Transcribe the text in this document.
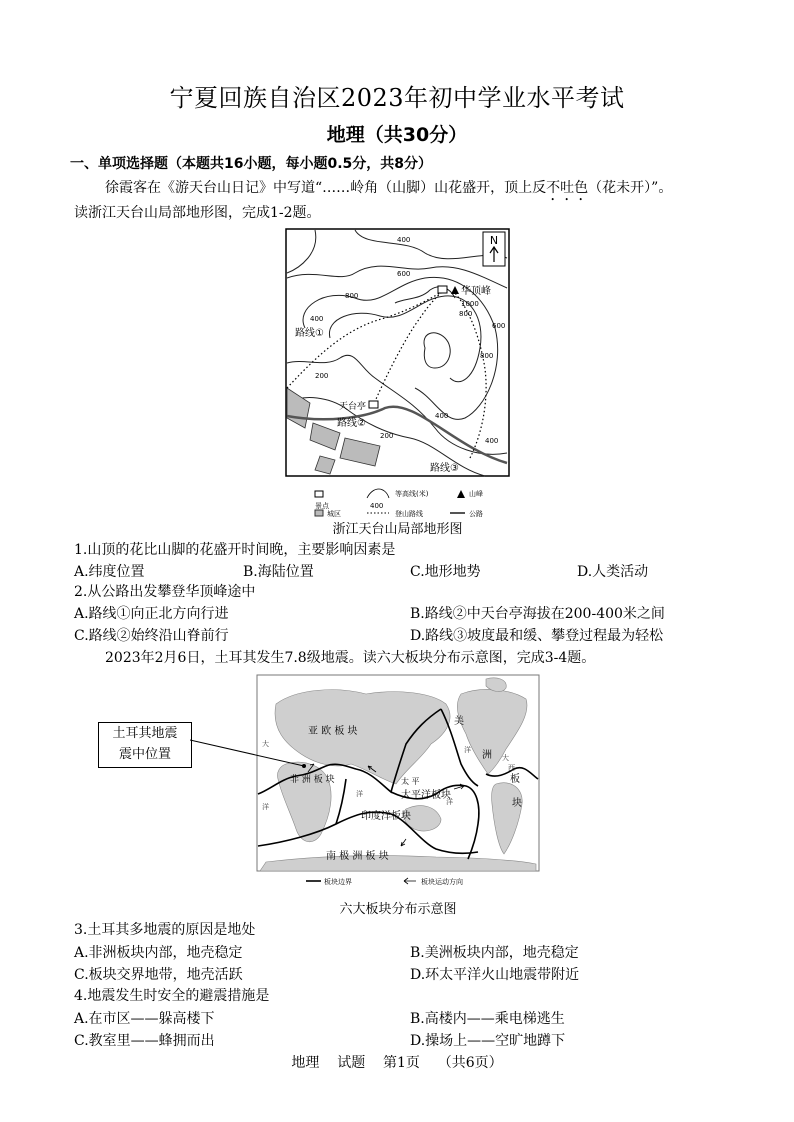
宁夏回族自治区2023年初中学业水平考试
地理（共30分）
一、单项选择题（本题共16小题，每小题0.5分，共8分）
徐霞客在《游天台山日记》中写道“……岭角（山脚）山花盛开，顶上反不吐色（花未开）”。
读浙江天台山局部地形图，完成1-2题。
N
华顶峰
天台亭
路线①
路线②
路线③
400
600
800
1000
800
600
400
800
200
400
200
400
景点	400
等高线(米)	山峰
城区	登山路线	公路
浙江天台山局部地形图
1.山顶的花比山脚的花盛开时间晚，主要影响因素是
A.纬度位置	B.海陆位置	C.地形地势	D.人类活动
2.从公路出发攀登华顶峰途中
A.路线①向正北方向行进	B.路线②中天台亭海拔在200-400米之间
C.路线②始终沿山脊前行	D.路线③坡度最和缓、攀登过程最为轻松
2023年2月6日，土耳其发生7.8级地震。读六大板块分布示意图，完成3-4题。
亚 欧 板 块
非 洲 板 块
印度洋板块
太 平
太平洋板块
美
洲
板
块
南 极 洲 板 块
大
洋
大
西
洋
洋
洋
板块边界	板块运动方向
土耳其地震
震中位置
六大板块分布示意图
3.土耳其多地震的原因是地处
A.非洲板块内部，地壳稳定	B.美洲板块内部，地壳稳定
C.板块交界地带，地壳活跃	D.环太平洋火山地震带附近
4.地震发生时安全的避震措施是
A.在市区——躲高楼下	B.高楼内——乘电梯逃生
C.教室里——蜂拥而出	D.操场上——空旷地蹲下
地理    试题    第1页    （共6页）
